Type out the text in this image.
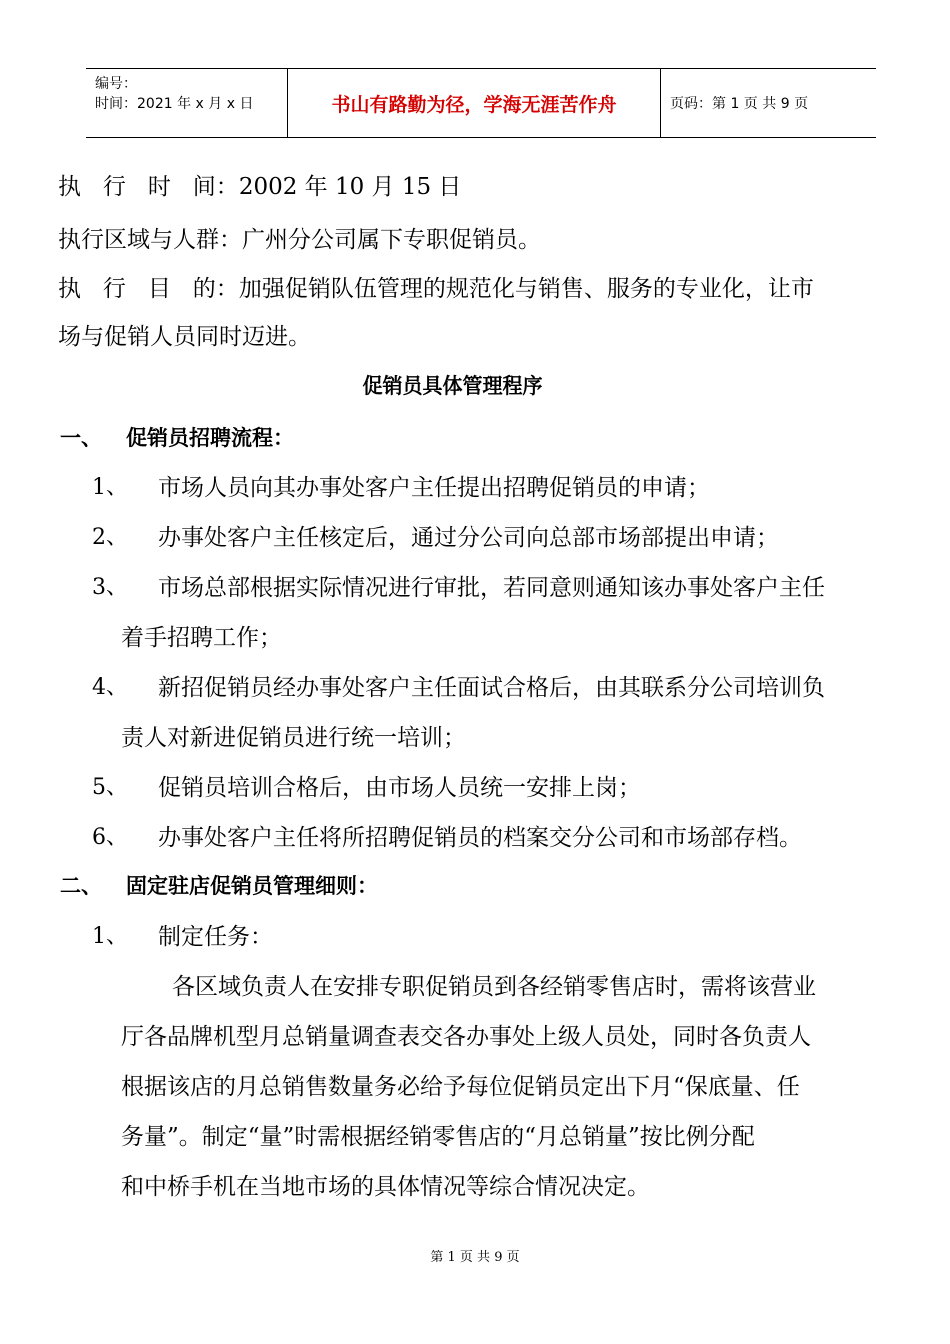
编号：
时间：2021 年 x 月 x 日	书山有路勤为径，学海无涯苦作舟	页码：第 1 页 共 9 页
执   行   时   间：2002 年 10 月 15 日
执行区域与人群：广州分公司属下专职促销员。
执   行   目   的：加强促销队伍管理的规范化与销售、服务的专业化，让市
场与促销人员同时迈进。
促销员具体管理程序
一、 促销员招聘流程：
1、 市场人员向其办事处客户主任提出招聘促销员的申请；
2、 办事处客户主任核定后，通过分公司向总部市场部提出申请；
3、 市场总部根据实际情况进行审批，若同意则通知该办事处客户主任
着手招聘工作；
4、 新招促销员经办事处客户主任面试合格后，由其联系分公司培训负
责人对新进促销员进行统一培训；
5、 促销员培训合格后，由市场人员统一安排上岗；
6、 办事处客户主任将所招聘促销员的档案交分公司和市场部存档。
二、 固定驻店促销员管理细则：
1、 制定任务：
各区域负责人在安排专职促销员到各经销零售店时，需将该营业
厅各品牌机型月总销量调查表交各办事处上级人员处，同时各负责人
根据该店的月总销售数量务必给予每位促销员定出下月“保底量、任
务量”。制定“量”时需根据经销零售店的“月总销量”按比例分配
和中桥手机在当地市场的具体情况等综合情况决定。
第 1 页 共 9 页
